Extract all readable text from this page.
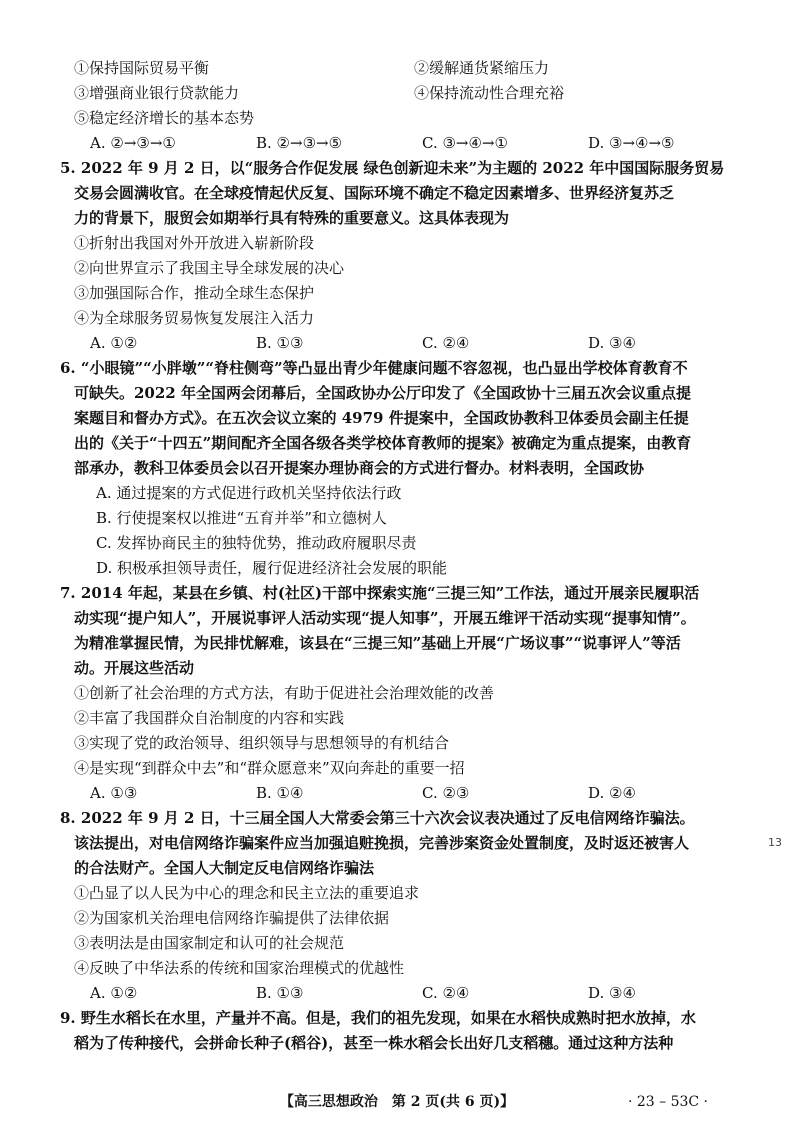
①保持国际贸易平衡	②缓解通货紧缩压力
③增强商业银行贷款能力	④保持流动性合理充裕
⑤稳定经济增长的基本态势
A. ②→③→①	B. ②→③→⑤	C. ③→④→①	D. ③→④→⑤
5. 2022 年 9 月 2 日，以“服务合作促发展 绿色创新迎未来”为主题的 2022 年中国国际服务贸易
交易会圆满收官。在全球疫情起伏反复、国际环境不确定不稳定因素增多、世界经济复苏乏
力的背景下，服贸会如期举行具有特殊的重要意义。这具体表现为
①折射出我国对外开放进入崭新阶段
②向世界宣示了我国主导全球发展的决心
③加强国际合作，推动全球生态保护
④为全球服务贸易恢复发展注入活力
A. ①②	B. ①③	C. ②④	D. ③④
6. “小眼镜”“小胖墩”“脊柱侧弯”等凸显出青少年健康问题不容忽视，也凸显出学校体育教育不
可缺失。2022 年全国两会闭幕后，全国政协办公厅印发了《全国政协十三届五次会议重点提
案题目和督办方式》。在五次会议立案的 4979 件提案中，全国政协教科卫体委员会副主任提
出的《关于“十四五”期间配齐全国各级各类学校体育教师的提案》被确定为重点提案，由教育
部承办，教科卫体委员会以召开提案办理协商会的方式进行督办。材料表明，全国政协
A. 通过提案的方式促进行政机关坚持依法行政
B. 行使提案权以推进“五育并举”和立德树人
C. 发挥协商民主的独特优势，推动政府履职尽责
D. 积极承担领导责任，履行促进经济社会发展的职能
7. 2014 年起，某县在乡镇、村(社区)干部中探索实施“三提三知”工作法，通过开展亲民履职活
动实现“提户知人”，开展说事评人活动实现“提人知事”，开展五维评干活动实现“提事知情”。
为精准掌握民情，为民排忧解难，该县在“三提三知”基础上开展“广场议事”“说事评人”等活
动。开展这些活动
①创新了社会治理的方式方法，有助于促进社会治理效能的改善
②丰富了我国群众自治制度的内容和实践
③实现了党的政治领导、组织领导与思想领导的有机结合
④是实现“到群众中去”和“群众愿意来”双向奔赴的重要一招
A. ①③	B. ①④	C. ②③	D. ②④
8. 2022 年 9 月 2 日，十三届全国人大常委会第三十六次会议表决通过了反电信网络诈骗法。
该法提出，对电信网络诈骗案件应当加强追赃挽损，完善涉案资金处置制度，及时返还被害人
的合法财产。全国人大制定反电信网络诈骗法
①凸显了以人民为中心的理念和民主立法的重要追求
②为国家机关治理电信网络诈骗提供了法律依据
③表明法是由国家制定和认可的社会规范
④反映了中华法系的传统和国家治理模式的优越性
A. ①②	B. ①③	C. ②④	D. ③④
9. 野生水稻长在水里，产量并不高。但是，我们的祖先发现，如果在水稻快成熟时把水放掉，水
稻为了传种接代，会拼命长种子(稻谷)，甚至一株水稻会长出好几支稻穗。通过这种方法种
13
【高三思想政治　第 2 页(共 6 页)】	· 23 – 53C ·
